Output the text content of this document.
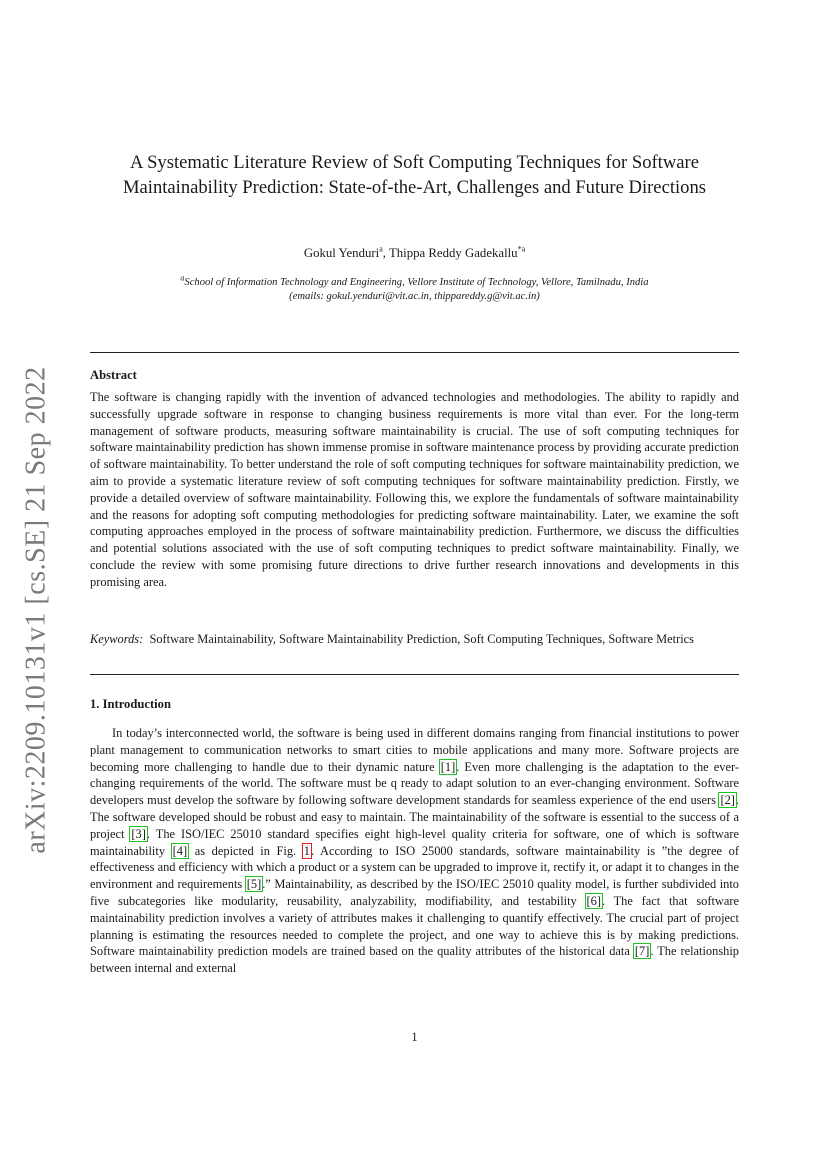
arXiv:2209.10131v1 [cs.SE] 21 Sep 2022
A Systematic Literature Review of Soft Computing Techniques for Software Maintainability Prediction: State-of-the-Art, Challenges and Future Directions
Gokul Yenduri$^a$, Thippa Reddy Gadekallu$^{*a}$
$^a$School of Information Technology and Engineering, Vellore Institute of Technology, Vellore, Tamilnadu, India
(emails: gokul.yenduri@vit.ac.in, thippareddy.g@vit.ac.in)
Abstract
The software is changing rapidly with the invention of advanced technologies and methodologies. The ability to rapidly and successfully upgrade software in response to changing business requirements is more vital than ever. For the long-term management of software products, measuring software maintainability is crucial. The use of soft computing techniques for software maintainability prediction has shown immense promise in software maintenance process by providing accurate prediction of software maintainability. To better understand the role of soft computing techniques for software maintainability prediction, we aim to provide a systematic literature review of soft computing techniques for software maintainability prediction. Firstly, we provide a detailed overview of software maintainability. Following this, we explore the fundamentals of software maintainability and the reasons for adopting soft computing methodologies for predicting software maintainability. Later, we examine the soft computing approaches employed in the process of software maintainability prediction. Furthermore, we discuss the difficulties and potential solutions associated with the use of soft computing techniques to predict software maintainability. Finally, we conclude the review with some promising future directions to drive further research innovations and developments in this promising area.
Keywords: Software Maintainability, Software Maintainability Prediction, Soft Computing Techniques, Software Metrics
1. Introduction
In today’s interconnected world, the software is being used in different domains ranging from financial institutions to power plant management to communication networks to smart cities to mobile applications and many more. Software projects are becoming more challenging to handle due to their dynamic nature [1]. Even more challenging is the adaptation to the ever-changing requirements of the world. The software must be q ready to adapt solution to an ever-changing environment. Software developers must develop the software by following software development standards for seamless experience of the end users [2]. The software developed should be robust and easy to maintain. The maintainability of the software is essential to the success of a project [3]. The ISO/IEC 25010 standard specifies eight high-level quality criteria for software, one of which is software maintainability [4] as depicted in Fig. 1. According to ISO 25000 standards, software maintainability is ”the degree of effectiveness and efficiency with which a product or a system can be upgraded to improve it, rectify it, or adapt it to changes in the environment and requirements [5].” Maintainability, as described by the ISO/IEC 25010 quality model, is further subdivided into five subcategories like modularity, reusability, analyzability, modifiability, and testability [6]. The fact that software maintainability prediction involves a variety of attributes makes it challenging to quantify effectively. The crucial part of project planning is estimating the resources needed to complete the project, and one way to achieve this is by making predictions. Software maintainability prediction models are trained based on the quality attributes of the historical data [7]. The relationship between internal and external
1
